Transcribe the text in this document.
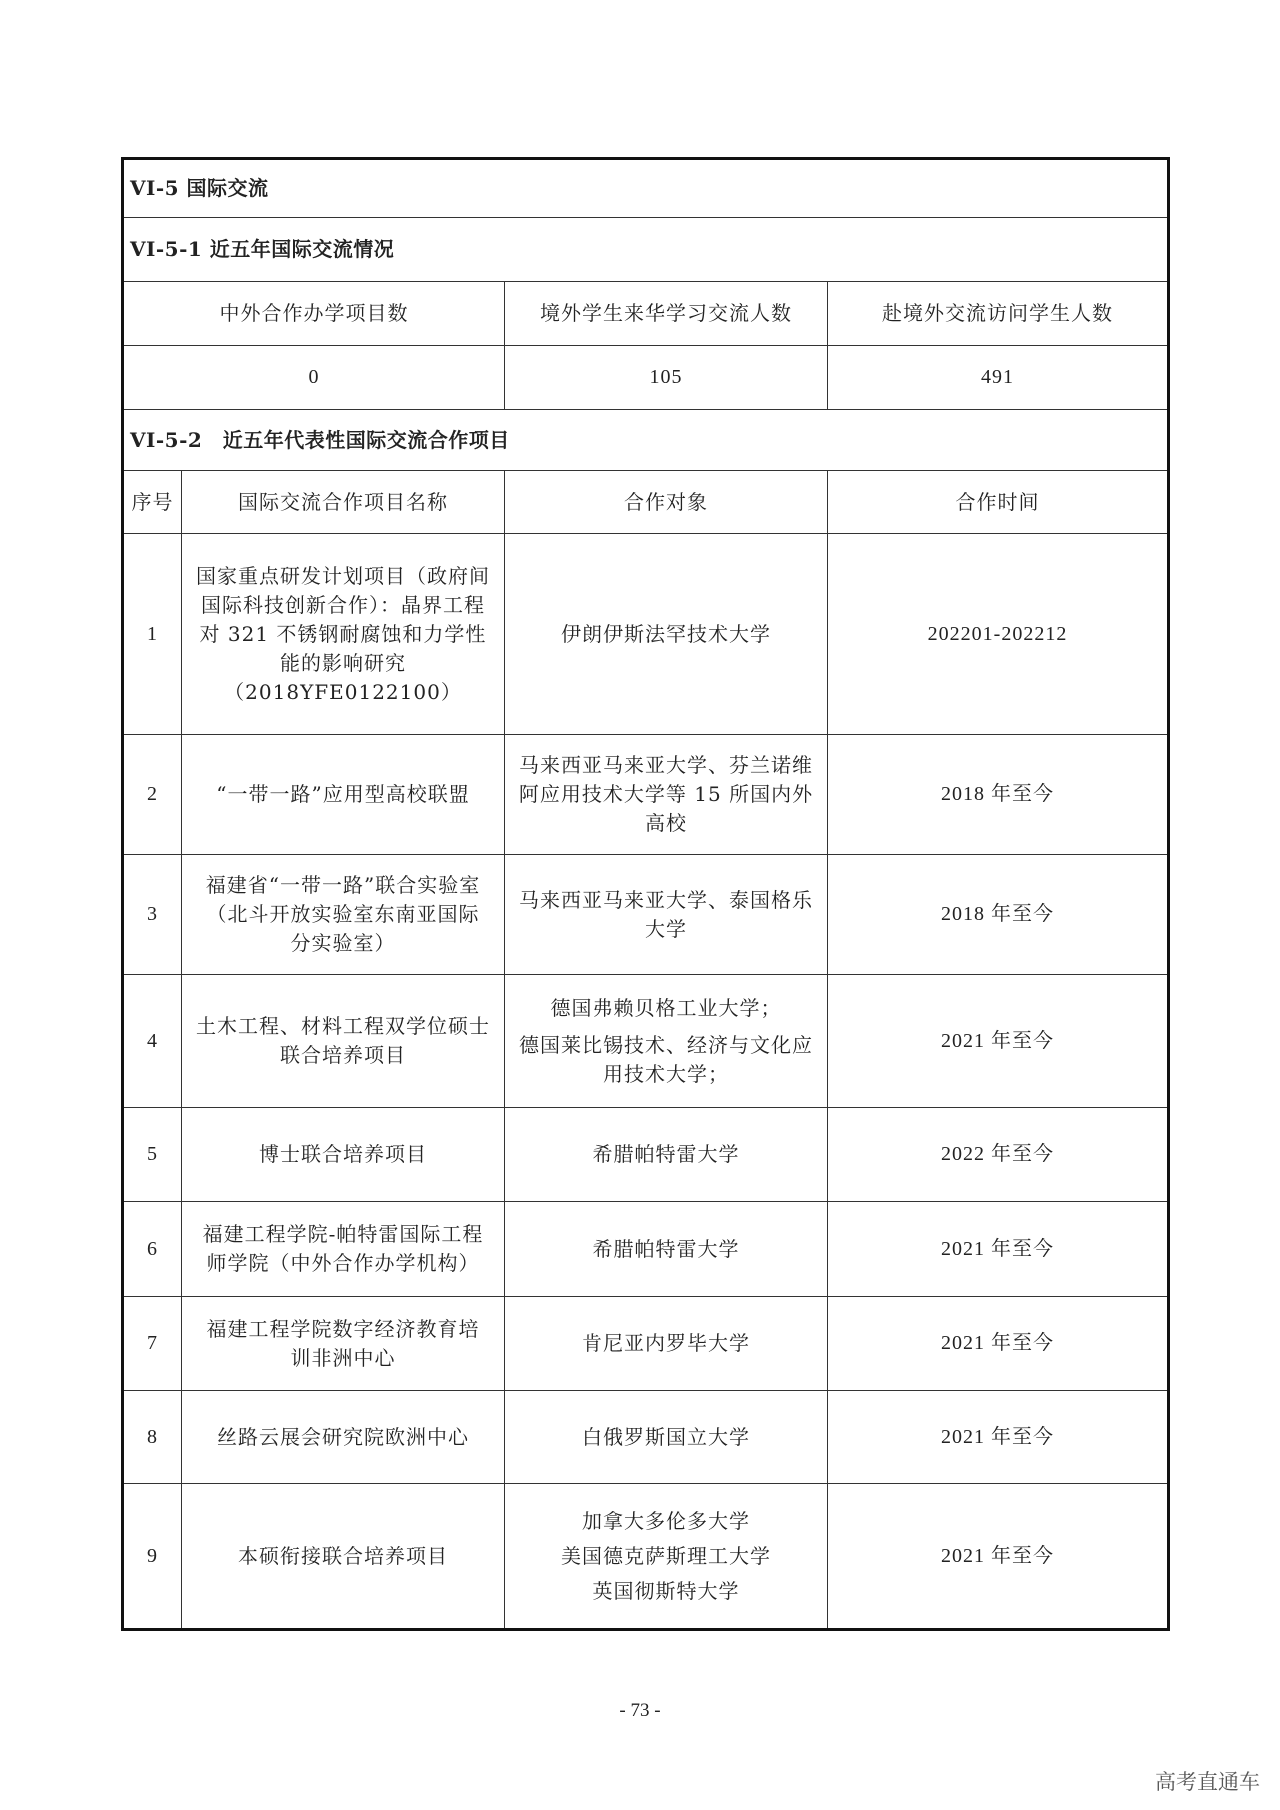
VI-5 国际交流			
VI-5-1 近五年国际交流情况			
中外合作办学项目数		境外学生来华学习交流人数	赴境外交流访问学生人数
0		105	491
VI-5-2　近五年代表性国际交流合作项目			
序号	国际交流合作项目名称	合作对象	合作时间
1	国家重点研发计划项目（政府间
国际科技创新合作）：晶界工程
对 321 不锈钢耐腐蚀和力学性
能的影响研究
（2018YFE0122100）	伊朗伊斯法罕技术大学	202201-202212
2	“一带一路”应用型高校联盟	马来西亚马来亚大学、芬兰诺维
阿应用技术大学等 15 所国内外
高校	2018 年至今
3	福建省“一带一路”联合实验室
（北斗开放实验室东南亚国际
分实验室）	马来西亚马来亚大学、泰国格乐
大学	2018 年至今
4	土木工程、材料工程双学位硕士
联合培养项目	德国弗赖贝格工业大学；
德国莱比锡技术、经济与文化应
用技术大学；	2021 年至今
5	博士联合培养项目	希腊帕特雷大学	2022 年至今
6	福建工程学院-帕特雷国际工程
师学院（中外合作办学机构）	希腊帕特雷大学	2021 年至今
7	福建工程学院数字经济教育培
训非洲中心	肯尼亚内罗毕大学	2021 年至今
8	丝路云展会研究院欧洲中心	白俄罗斯国立大学	2021 年至今
9	本硕衔接联合培养项目	加拿大多伦多大学
美国德克萨斯理工大学
英国彻斯特大学	2021 年至今
- 73 -
高考直通车
